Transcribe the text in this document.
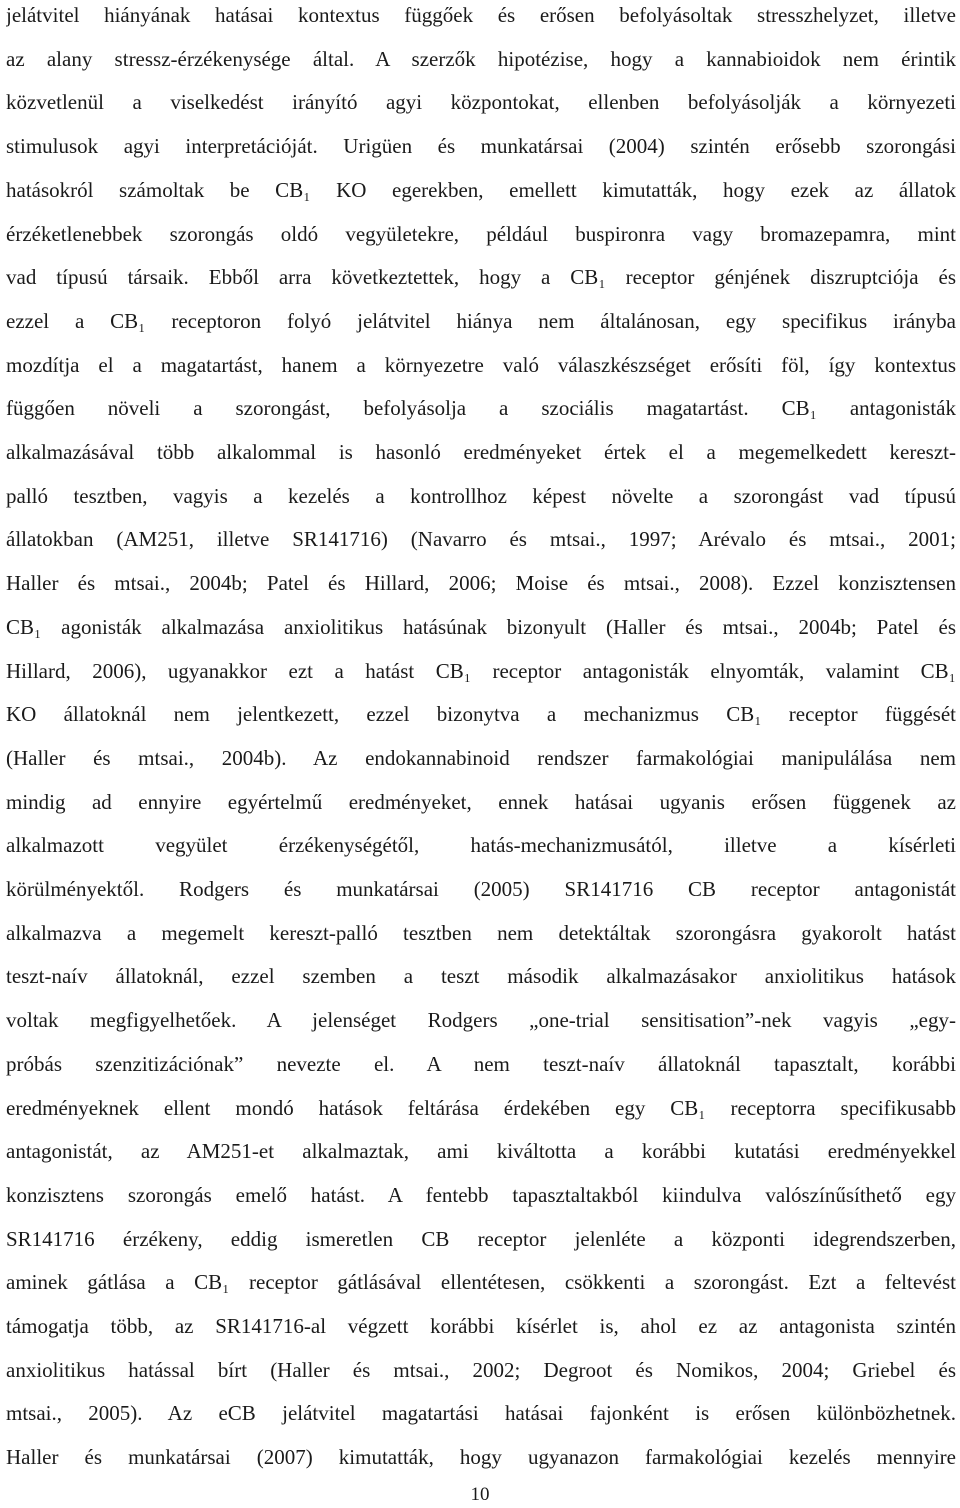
jelátvitel hiányának hatásai kontextus függőek és erősen befolyásoltak stresszhelyzet, illetve
az alany stressz-érzékenysége által. A szerzők hipotézise, hogy a kannabioidok nem érintik
közvetlenül a viselkedést irányító agyi központokat, ellenben befolyásolják a környezeti
stimulusok agyi interpretációját. Urigüen és munkatársai (2004) szintén erősebb szorongási
hatásokról számoltak be CB₁ KO egerekben, emellett kimutatták, hogy ezek az állatok
érzéketlenebbek szorongás oldó vegyületekre, például buspironra vagy bromazepamra, mint
vad típusú társaik. Ebből arra következtettek, hogy a CB₁ receptor génjének diszruptciója és
ezzel a CB₁ receptoron folyó jelátvitel hiánya nem általánosan, egy specifikus irányba
mozdítja el a magatartást, hanem a környezetre való válaszkészséget erősíti föl, így kontextus
függően növeli a szorongást, befolyásolja a szociális magatartást. CB₁ antagonisták
alkalmazásával több alkalommal is hasonló eredményeket értek el a megemelkedett kereszt-
palló tesztben, vagyis a kezelés a kontrollhoz képest növelte a szorongást vad típusú
állatokban (AM251, illetve SR141716) (Navarro és mtsai., 1997; Arévalo és mtsai., 2001;
Haller és mtsai., 2004b; Patel és Hillard, 2006; Moise és mtsai., 2008). Ezzel konzisztensen
CB₁ agonisták alkalmazása anxiolitikus hatásúnak bizonyult (Haller és mtsai., 2004b; Patel és
Hillard, 2006), ugyanakkor ezt a hatást CB₁ receptor antagonisták elnyomták, valamint CB₁
KO állatoknál nem jelentkezett, ezzel bizonytva a mechanizmus CB₁ receptor függését
(Haller és mtsai., 2004b). Az endokannabinoid rendszer farmakológiai manipulálása nem
mindig ad ennyire egyértelmű eredményeket, ennek hatásai ugyanis erősen függenek az
alkalmazott vegyület érzékenységétől, hatás-mechanizmusától, illetve a kísérleti
körülményektől. Rodgers és munkatársai (2005) SR141716 CB receptor antagonistát
alkalmazva a megemelt kereszt-palló tesztben nem detektáltak szorongásra gyakorolt hatást
teszt-naív állatoknál, ezzel szemben a teszt második alkalmazásakor anxiolitikus hatások
voltak megfigyelhetőek. A jelenséget Rodgers „one-trial sensitisation”-nek vagyis „egy-
próbás szenzitizációnak” nevezte el. A nem teszt-naív állatoknál tapasztalt, korábbi
eredményeknek ellent mondó hatások feltárása érdekében egy CB₁ receptorra specifikusabb
antagonistát, az AM251-et alkalmaztak, ami kiváltotta a korábbi kutatási eredményekkel
konzisztens szorongás emelő hatást. A fentebb tapasztaltakból kiindulva valószínűsíthető egy
SR141716 érzékeny, eddig ismeretlen CB receptor jelenléte a központi idegrendszerben,
aminek gátlása a CB₁ receptor gátlásával ellentétesen, csökkenti a szorongást. Ezt a feltevést
támogatja több, az SR141716-al végzett korábbi kísérlet is, ahol ez az antagonista szintén
anxiolitikus hatással bírt (Haller és mtsai., 2002; Degroot és Nomikos, 2004; Griebel és
mtsai., 2005). Az eCB jelátvitel magatartási hatásai fajonként is erősen különbözhetnek.
Haller és munkatársai (2007) kimutatták, hogy ugyanazon farmakológiai kezelés mennyire
10
